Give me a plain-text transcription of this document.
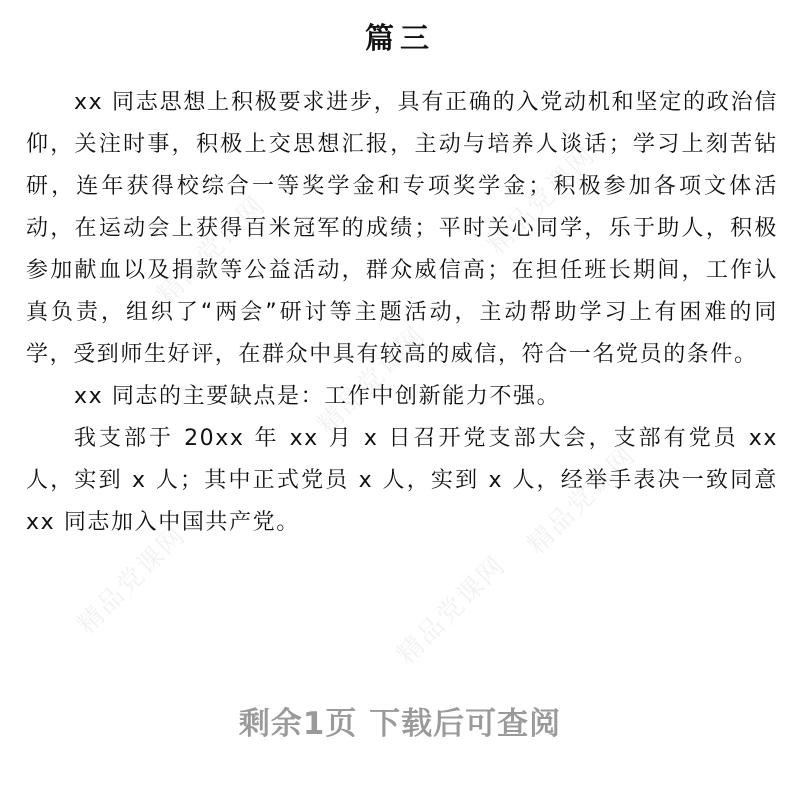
篇三

xx 同志思想上积极要求进步，具有正确的入党动机和坚定的政治信仰，关注时事，积极上交思想汇报，主动与培养人谈话；学习上刻苦钻研，连年获得校综合一等奖学金和专项奖学金；积极参加各项文体活动，在运动会上获得百米冠军的成绩；平时关心同学，乐于助人，积极参加献血以及捐款等公益活动，群众威信高；在担任班长期间，工作认真负责，组织了“两会”研讨等主题活动，主动帮助学习上有困难的同学，受到师生好评，在群众中具有较高的威信，符合一名党员的条件。

xx 同志的主要缺点是：工作中创新能力不强。

我支部于 20xx 年 xx 月 x 日召开党支部大会，支部有党员 xx 人，实到 x 人；其中正式党员 x 人，实到 x 人，经举手表决一致同意 xx 同志加入中国共产党。

剩余1页 下载后可查阅
精品党课网	精品党课网
精品党课网
精品党课网
精品党课网	精品党课网
